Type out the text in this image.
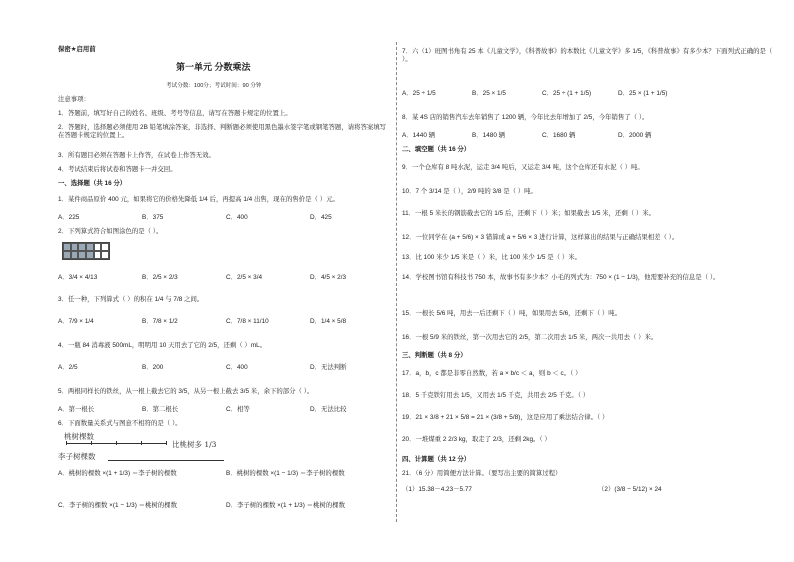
保密★启用前
第一单元 分数乘法
考试分数：100分；考试时间：90 分钟
注意事项：
1．答题前，填写好自己的姓名、班级、考号等信息，请写在答题卡规定的位置上。
2．答题时，选择题必须使用 2B 铅笔填涂答案，非选择、判断题必须使用黑色墨水签字笔或钢笔答题，请将答案填写在答题卡规定的位置上。
3．所有题目必须在答题卡上作答，在试卷上作答无效。
4．考试结束后将试卷和答题卡一并交回。
一、选择题（共 16 分）
1．某件商品原价 400 元，如果将它的价格先降低 1/4 后，再提高 1/4 出售，现在的售价是（ ）元。
A．225	B．375	C．400	D．425
2．下列算式符合如图涂色的是（ ）。
A．3/4 × 4/13	B．2/5 × 2/3	C．2/5 × 3/4	D．4/5 × 2/3
3．任一种，下列算式（ ）的积在 1/4 与 7/8 之间。
A．7/9 × 1/4	B．7/8 × 1/2	C．7/8 × 11/10	D．1/4 × 5/8
4．一瓶 84 消毒液 500mL，明明用 10 天用去了它的 2/5，还剩（ ）mL。
A．2/5	B．200	C．400	D．无法判断
5．两根同样长的铁丝，从一根上截去它的 3/5，从另一根上截去 3/5 米，余下的部分（ ）。
A．第一根长	B．第二根长	C．相等	D．无法比较
6．下面数量关系式与图意不相符的是（ ）。
桃树棵数
比桃树多 1/3
李子树棵数
A．桃树的棵数 ×(1 + 1/3) ＝李子树的棵数	B．桃树的棵数 ×(1 − 1/3) ＝李子树的棵数
C．李子树的棵数 ×(1 − 1/3) ＝桃树的棵数	D．李子树的棵数 ×(1 + 1/3) ＝桃树的棵数
7．六（1）班图书角有 25 本《儿童文学》，《科普故事》的本数比《儿童文学》多 1/5，《科普故事》有多少本？下面列式正确的是（ ）。
A．25 ÷ 1/5	B．25 × 1/5	C．25 ÷ (1 + 1/5)	D．25 × (1 + 1/5)
8．某 4S 店的销售汽车去年销售了 1200 辆，今年比去年增加了 2/5，今年销售了（ ）。
A．1440 辆	B．1480 辆	C．1680 辆	D．2000 辆
二、填空题（共 16 分）
9．一个仓库有 8 吨水泥，运走 3/4 吨后，又运走 3/4 吨，这个仓库还有水泥（ ）吨。
10．7 个 3/14 是（ ），2/9 吨的 3/8 是（ ）吨。
11．一根 5 米长的钢筋截去它的 1/5 后，还剩下（ ）米；如果截去 1/5 米，还剩（ ）米。
12．一位同学在 (a + 5/6) × 3 错算成 a + 5/6 × 3 进行计算，这样算出的结果与正确结果相差（ ）。
13．比 100 米少 1/5 米是（ ）米，比 100 米少 1/5 是（ ）米。
14．学校图书馆有科技书 750 本，故事书有多少本？小毛的列式为：750 × (1 − 1/3)，他需要补充的信息是（ ）。
15．一根长 5/6 吨，用去一后还剩下（ ）吨，如果用去 5/6，还剩下（ ）吨。
16．一根 5/9 米的铁丝，第一次用去它的 2/5，第二次用去 1/5 米，两次一共用去（ ）米。
三、判断题（共 8 分）
17．a，b，c 都是非零自然数，若 a × b/c ＜ a，则 b ＜ c。（ ）
18．5 千克铁钉用去 1/5，又用去 1/5 千克，共用去 2/5 千克。（ ）
19．21 × 3/8 + 21 × 5/8 = 21 × (3/8 + 5/8)，这是应用了乘法结合律。（ ）
20．一堆煤重 2 2/3 kg，取走了 2/3，还剩 2kg。（ ）
四、计算题（共 12 分）
21．（6 分）用简便方法计算。（要写出主要的简算过程）
（1）15.38－4.23－5.77	（2）(3/8 − 5/12) × 24
